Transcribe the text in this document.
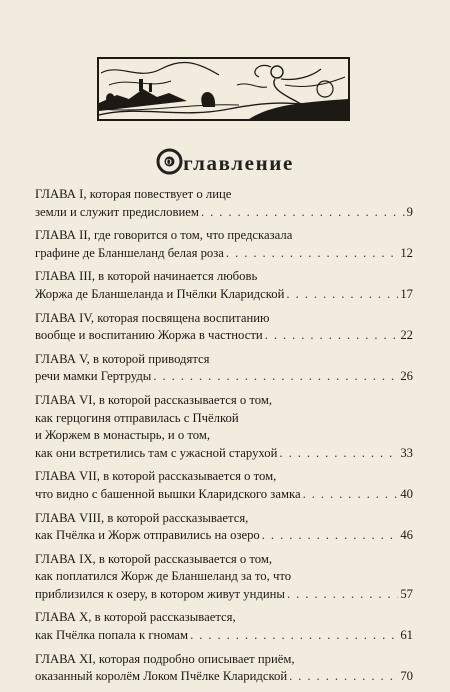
О главление
ГЛАВА I, которая повествует о лице
земли и служит предисловием . . .	9
ГЛАВА II, где говорится о том, что предсказала
графине де Бланшеланд белая роза . . .	12
ГЛАВА III, в которой начинается любовь
Жоржа де Бланшеланда и Пчёлки Кларидской . . .	17
ГЛАВА IV, которая посвящена воспитанию
вообще и воспитанию Жоржа в частности . . .	22
ГЛАВА V, в которой приводятся
речи мамки Гертруды . . .	26
ГЛАВА VI, в которой рассказывается о том,
как герцогиня отправилась с Пчёлкой
и Жоржем в монастырь, и о том,
как они встретились там с ужасной старухой . . .	33
ГЛАВА VII, в которой рассказывается о том,
что видно с башенной вышки Кларидского замка . . .	40
ГЛАВА VIII, в которой рассказывается,
как Пчёлка и Жорж отправились на озеро . . .	46
ГЛАВА IX, в которой рассказывается о том,
как поплатился Жорж де Бланшеланд за то, что
приблизился к озеру, в котором живут ундины . . .	57
ГЛАВА X, в которой рассказывается,
как Пчёлка попала к гномам . . .	61
ГЛАВА XI, которая подробно описывает приём,
оказанный королём Локом Пчёлке Кларидской . . .	70
